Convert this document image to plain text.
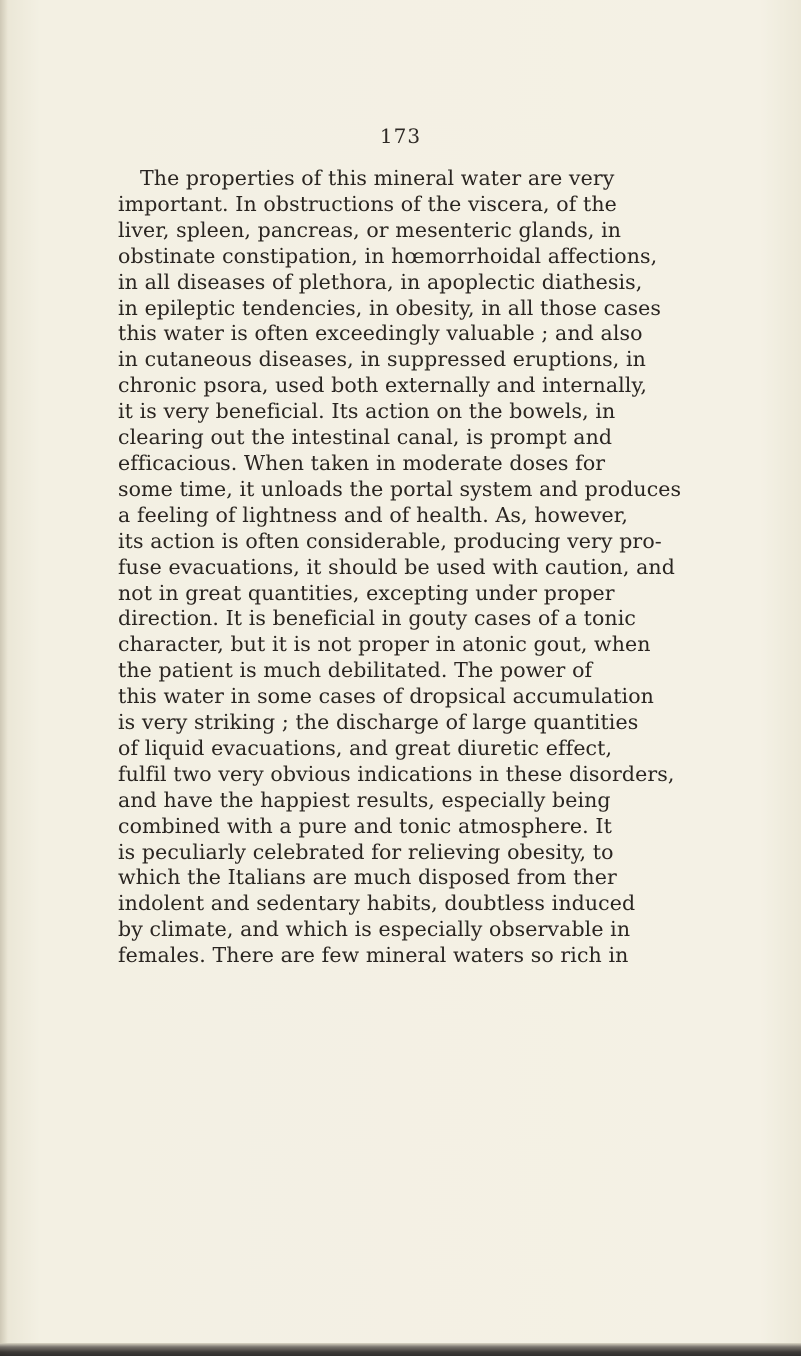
173
The properties of this mineral water are very
important. In obstructions of the viscera, of the
liver, spleen, pancreas, or mesenteric glands, in
obstinate constipation, in hœmorrhoidal affections,
in all diseases of plethora, in apoplectic diathesis,
in epileptic tendencies, in obesity, in all those cases
this water is often exceedingly valuable ; and also
in cutaneous diseases, in suppressed eruptions, in
chronic psora, used both externally and internally,
it is very beneficial. Its action on the bowels, in
clearing out the intestinal canal, is prompt and
efficacious. When taken in moderate doses for
some time, it unloads the portal system and produces
a feeling of lightness and of health. As, however,
its action is often considerable, producing very pro-
fuse evacuations, it should be used with caution, and
not in great quantities, excepting under proper
direction. It is beneficial in gouty cases of a tonic
character, but it is not proper in atonic gout, when
the patient is much debilitated. The power of
this water in some cases of dropsical accumulation
is very striking ; the discharge of large quantities
of liquid evacuations, and great diuretic effect,
fulfil two very obvious indications in these disorders,
and have the happiest results, especially being
combined with a pure and tonic atmosphere. It
is peculiarly celebrated for relieving obesity, to
which the Italians are much disposed from ther
indolent and sedentary habits, doubtless induced
by climate, and which is especially observable in
females. There are few mineral waters so rich in
